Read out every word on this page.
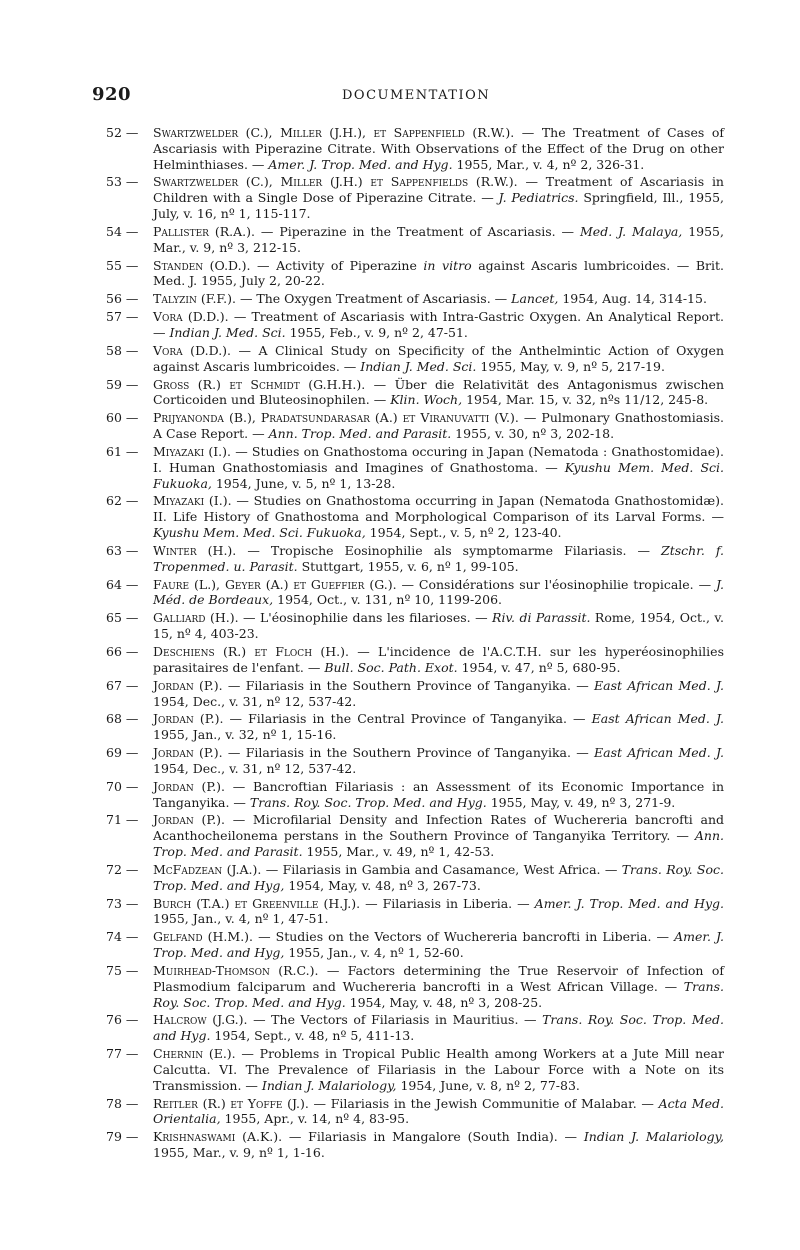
920	DOCUMENTATION
52 — Swartzwelder (C.), Miller (J.H.), et Sappenfield (R.W.). — The Treatment of Cases of Ascariasis with Piperazine Citrate. With Observations of the Effect of the Drug on other Helminthiases. — Amer. J. Trop. Med. and Hyg. 1955, Mar., v. 4, nº 2, 326-31.
53 — Swartzwelder (C.), Miller (J.H.) et Sappenfields (R.W.). — Treatment of Ascariasis in Children with a Single Dose of Piperazine Citrate. — J. Pediatrics. Springfield, Ill., 1955, July, v. 16, nº 1, 115-117.
54 — Pallister (R.A.). — Piperazine in the Treatment of Ascariasis. — Med. J. Malaya, 1955, Mar., v. 9, nº 3, 212-15.
55 — Standen (O.D.). — Activity of Piperazine in vitro against Ascaris lumbricoides. — Brit. Med. J. 1955, July 2, 20-22.
56 — Talyzin (F.F.). — The Oxygen Treatment of Ascariasis. — Lancet, 1954, Aug. 14, 314-15.
57 — Vora (D.D.). — Treatment of Ascariasis with Intra-Gastric Oxygen. An Analytical Report. — Indian J. Med. Sci. 1955, Feb., v. 9, nº 2, 47-51.
58 — Vora (D.D.). — A Clinical Study on Specificity of the Anthelmintic Action of Oxygen against Ascaris lumbricoides. — Indian J. Med. Sci. 1955, May, v. 9, nº 5, 217-19.
59 — Gross (R.) et Schmidt (G.H.H.). — Über die Relativität des Antagonismus zwischen Corticoiden und Bluteosinophilen. — Klin. Woch, 1954, Mar. 15, v. 32, nºs 11/12, 245-8.
60 — Prijyanonda (B.), Pradatsundarasar (A.) et Viranuvatti (V.). — Pulmonary Gnathostomiasis. A Case Report. — Ann. Trop. Med. and Parasit. 1955, v. 30, nº 3, 202-18.
61 — Miyazaki (I.). — Studies on Gnathostoma occuring in Japan (Nematoda : Gnathostomidae). I. Human Gnathostomiasis and Imagines of Gnathostoma. — Kyushu Mem. Med. Sci. Fukuoka, 1954, June, v. 5, nº 1, 13-28.
62 — Miyazaki (I.). — Studies on Gnathostoma occurring in Japan (Nematoda Gnathostomidæ). II. Life History of Gnathostoma and Morphological Comparison of its Larval Forms. — Kyushu Mem. Med. Sci. Fukuoka, 1954, Sept., v. 5, nº 2, 123-40.
63 — Winter (H.). — Tropische Eosinophilie als symptomarme Filariasis. — Ztschr. f. Tropenmed. u. Parasit. Stuttgart, 1955, v. 6, nº 1, 99-105.
64 — Faure (L.), Geyer (A.) et Gueffier (G.). — Considérations sur l'éosinophilie tropicale. — J. Méd. de Bordeaux, 1954, Oct., v. 131, nº 10, 1199-206.
65 — Galliard (H.). — L'éosinophilie dans les filarioses. — Riv. di Parassit. Rome, 1954, Oct., v. 15, nº 4, 403-23.
66 — Deschiens (R.) et Floch (H.). — L'incidence de l'A.C.T.H. sur les hyperéosinophilies parasitaires de l'enfant. — Bull. Soc. Path. Exot. 1954, v. 47, nº 5, 680-95.
67 — Jordan (P.). — Filariasis in the Southern Province of Tanganyika. — East African Med. J. 1954, Dec., v. 31, nº 12, 537-42.
68 — Jordan (P.). — Filariasis in the Central Province of Tanganyika. — East African Med. J. 1955, Jan., v. 32, nº 1, 15-16.
69 — Jordan (P.). — Filariasis in the Southern Province of Tanganyika. — East African Med. J. 1954, Dec., v. 31, nº 12, 537-42.
70 — Jordan (P.). — Bancroftian Filariasis : an Assessment of its Economic Importance in Tanganyika. — Trans. Roy. Soc. Trop. Med. and Hyg. 1955, May, v. 49, nº 3, 271-9.
71 — Jordan (P.). — Microfilarial Density and Infection Rates of Wuchereria bancrofti and Acanthocheilonema perstans in the Southern Province of Tanganyika Territory. — Ann. Trop. Med. and Parasit. 1955, Mar., v. 49, nº 1, 42-53.
72 — McFadzean (J.A.). — Filariasis in Gambia and Casamance, West Africa. — Trans. Roy. Soc. Trop. Med. and Hyg, 1954, May, v. 48, nº 3, 267-73.
73 — Burch (T.A.) et Greenville (H.J.). — Filariasis in Liberia. — Amer. J. Trop. Med. and Hyg. 1955, Jan., v. 4, nº 1, 47-51.
74 — Gelfand (H.M.). — Studies on the Vectors of Wuchereria bancrofti in Liberia. — Amer. J. Trop. Med. and Hyg, 1955, Jan., v. 4, nº 1, 52-60.
75 — Muirhead-Thomson (R.C.). — Factors determining the True Reservoir of Infection of Plasmodium falciparum and Wuchereria bancrofti in a West African Village. — Trans. Roy. Soc. Trop. Med. and Hyg. 1954, May, v. 48, nº 3, 208-25.
76 — Halcrow (J.G.). — The Vectors of Filariasis in Mauritius. — Trans. Roy. Soc. Trop. Med. and Hyg. 1954, Sept., v. 48, nº 5, 411-13.
77 — Chernin (E.). — Problems in Tropical Public Health among Workers at a Jute Mill near Calcutta. VI. The Prevalence of Filariasis in the Labour Force with a Note on its Transmission. — Indian J. Malariology, 1954, June, v. 8, nº 2, 77-83.
78 — Reitler (R.) et Yoffe (J.). — Filariasis in the Jewish Communitie of Malabar. — Acta Med. Orientalia, 1955, Apr., v. 14, nº 4, 83-95.
79 — Krishnaswami (A.K.). — Filariasis in Mangalore (South India). — Indian J. Malariology, 1955, Mar., v. 9, nº 1, 1-16.
